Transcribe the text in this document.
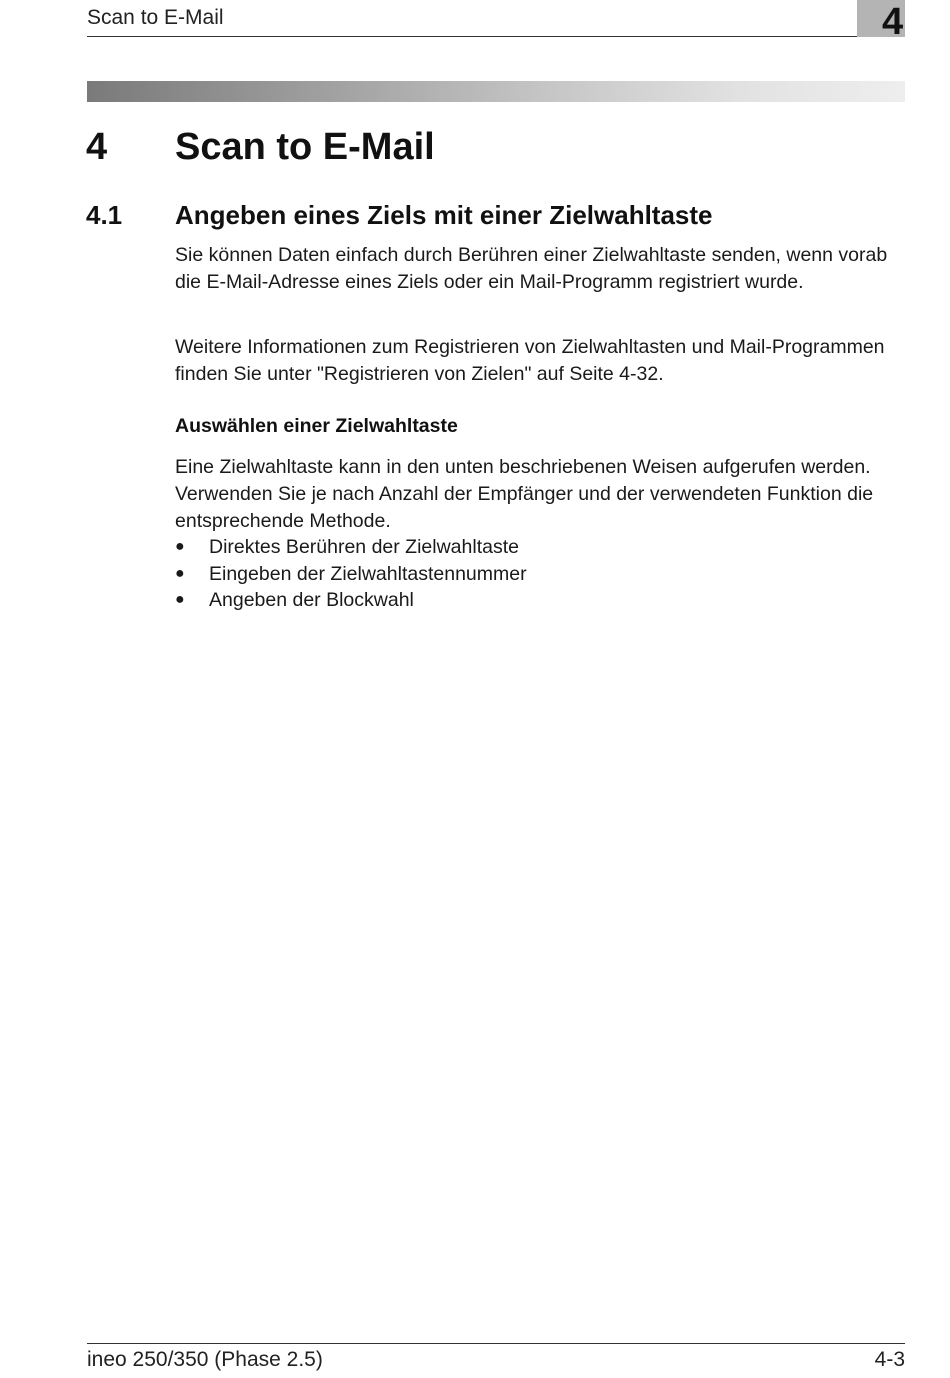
Scan to E-Mail	4
4 Scan to E-Mail
4.1 Angeben eines Ziels mit einer Zielwahltaste

Sie können Daten einfach durch Berühren einer Zielwahltaste senden, wenn vorab die E-Mail-Adresse eines Ziels oder ein Mail-Programm registriert wurde.

Weitere Informationen zum Registrieren von Zielwahltasten und Mail-Programmen finden Sie unter "Registrieren von Zielen" auf Seite 4-32.

Auswählen einer Zielwahltaste

Eine Zielwahltaste kann in den unten beschriebenen Weisen aufgerufen werden. Verwenden Sie je nach Anzahl der Empfänger und der verwendeten Funktion die entsprechende Methode.

● Direktes Berühren der Zielwahltaste
● Eingeben der Zielwahltastennummer
● Angeben der Blockwahl
ineo 250/350 (Phase 2.5)	4-3
